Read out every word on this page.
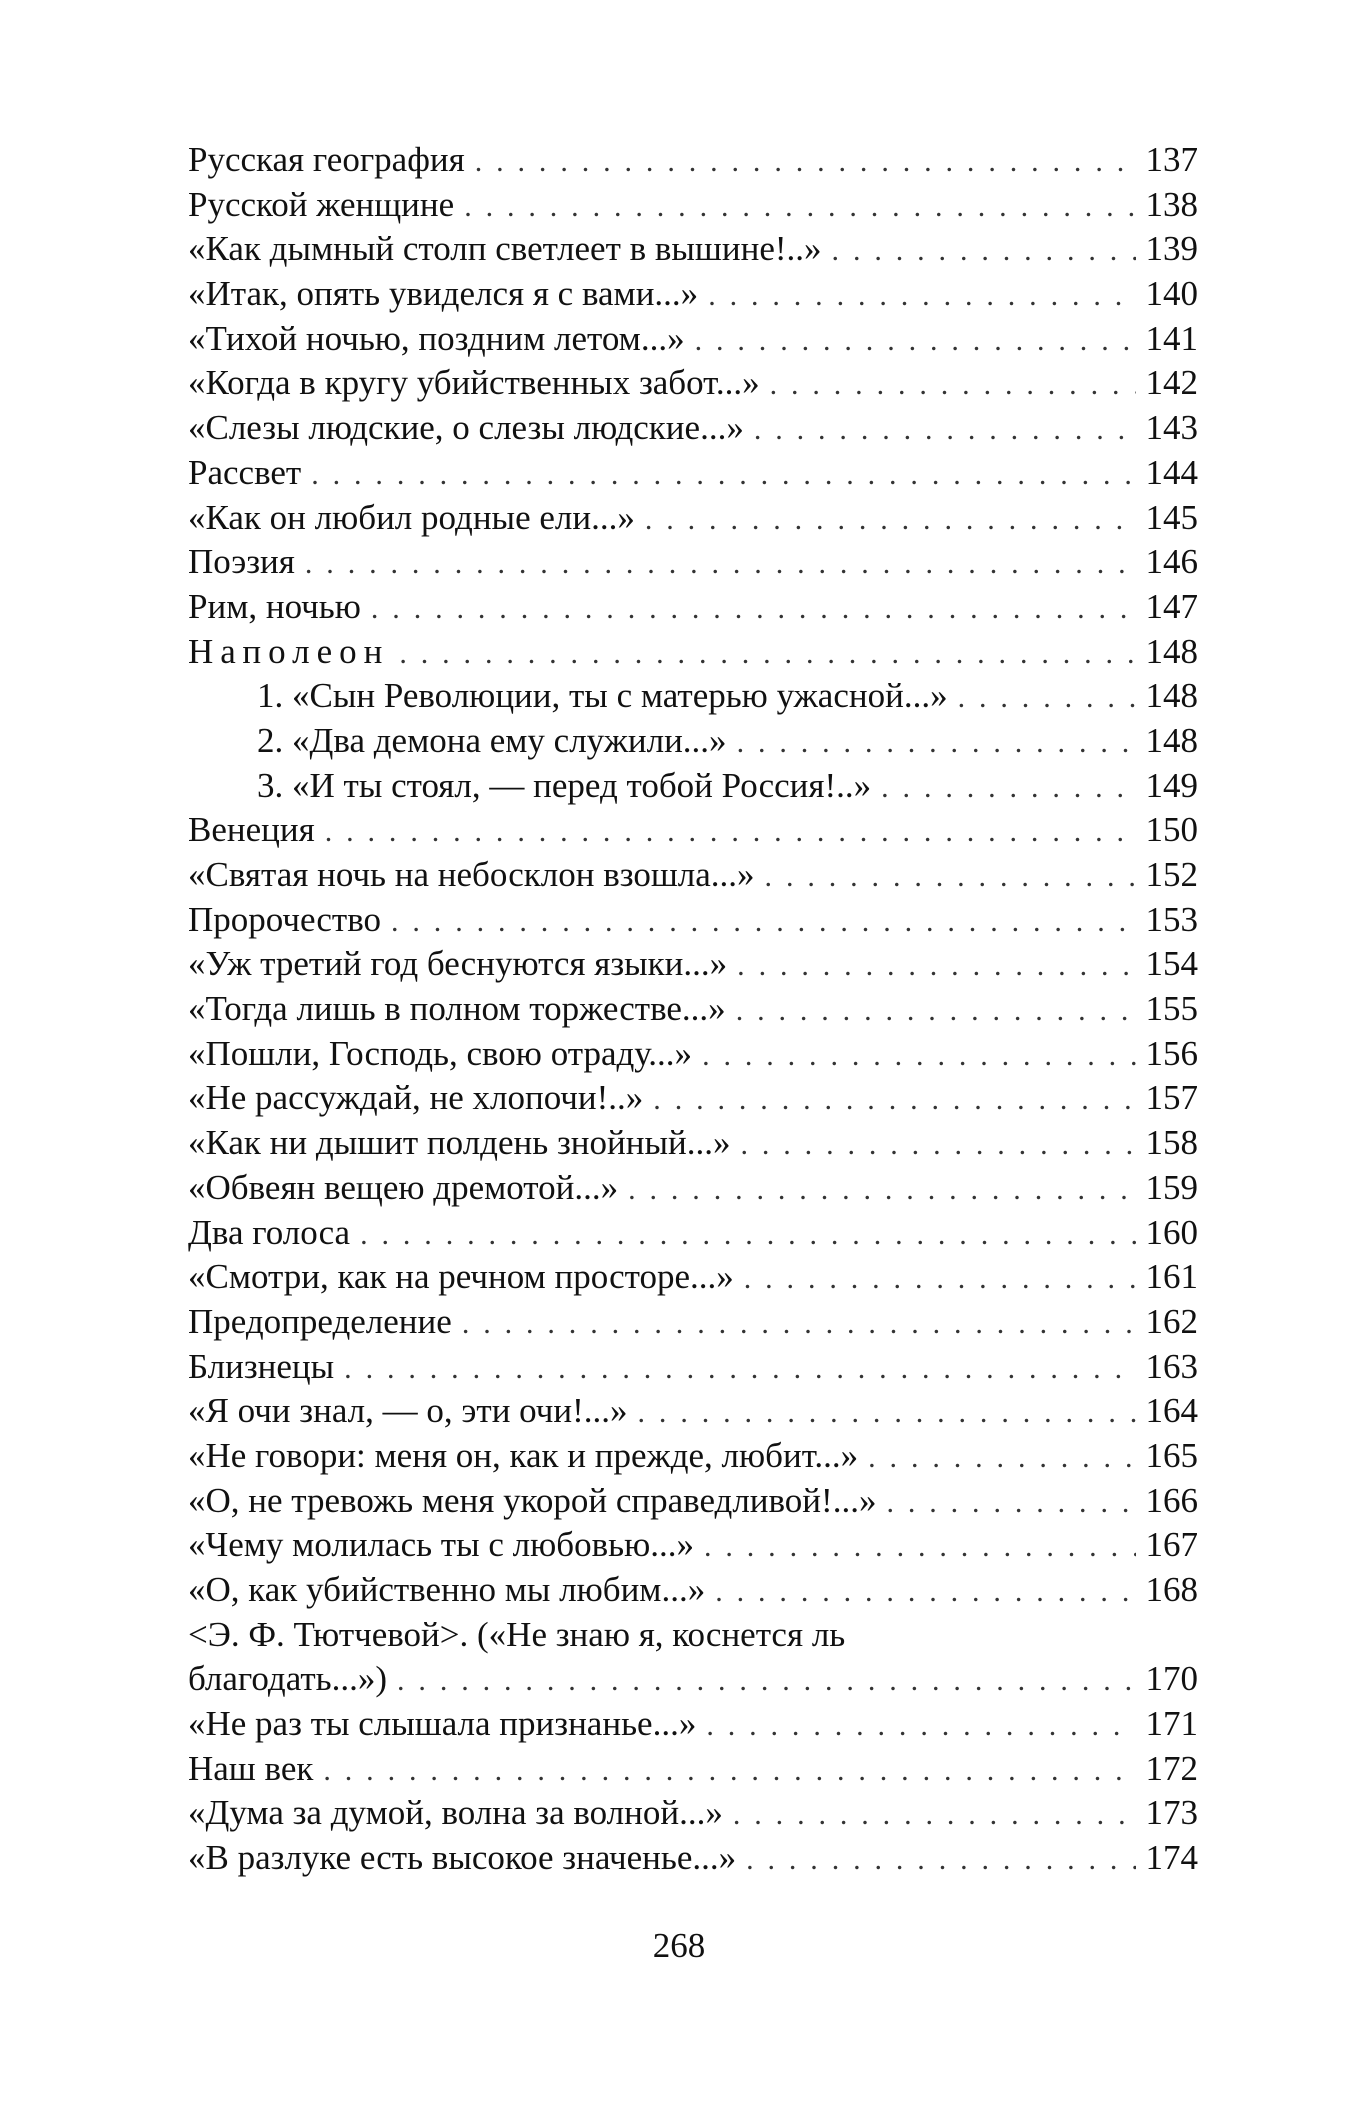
Русская география . . .	137
Русской женщине . . .	138
«Как дымный столп светлеет в вышине!..» . . .	139
«Итак, опять увиделся я с вами...» . . .	140
«Тихой ночью, поздним летом...» . . .	141
«Когда в кругу убийственных забот...» . . .	142
«Слезы людские, о слезы людские...» . . .	143
Рассвет . . .	144
«Как он любил родные ели...» . . .	145
Поэзия . . .	146
Рим, ночью . . .	147
Наполеон . . .	148
1. «Сын Революции, ты с матерью ужасной...» . . .	148
2. «Два демона ему служили...» . . .	148
3. «И ты стоял, — перед тобой Россия!..» . . .	149
Венеция . . .	150
«Святая ночь на небосклон взошла...» . . .	152
Пророчество . . .	153
«Уж третий год беснуются языки...» . . .	154
«Тогда лишь в полном торжестве...» . . .	155
«Пошли, Господь, свою отраду...» . . .	156
«Не рассуждай, не хлопочи!..» . . .	157
«Как ни дышит полдень знойный...» . . .	158
«Обвеян вещею дремотой...» . . .	159
Два голоса . . .	160
«Смотри, как на речном просторе...» . . .	161
Предопределение . . .	162
Близнецы . . .	163
«Я очи знал, — о, эти очи!...» . . .	164
«Не говори: меня он, как и прежде, любит...» . . .	165
«О, не тревожь меня укорой справедливой!...» . . .	166
«Чему молилась ты с любовью...» . . .	167
«О, как убийственно мы любим...» . . .	168
<Э. Ф. Тютчевой>. («Не знаю я, коснется ль
благодать...») . . .	170
«Не раз ты слышала признанье...» . . .	171
Наш век . . .	172
«Дума за думой, волна за волной...» . . .	173
«В разлуке есть высокое значенье...» . . .	174
268
